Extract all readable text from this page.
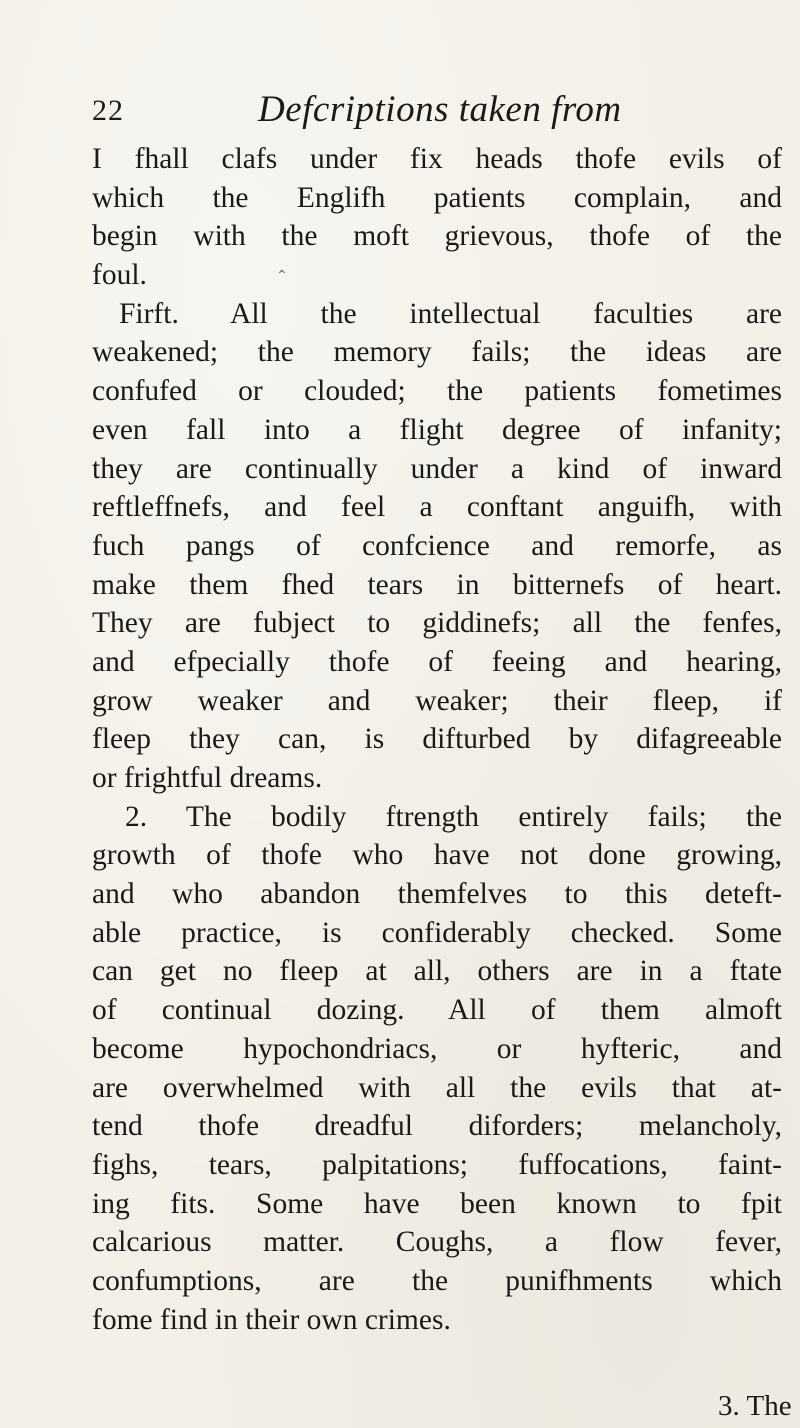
22	Defcriptions taken from
I fhall clafs under fix heads thofe evils of
which the Englifh patients complain, and
begin with the moft grievous, thofe of the
foul.
Firft. All the intellectual faculties are
weakened; the memory fails; the ideas are
confufed or clouded; the patients fometimes
even fall into a flight degree of infanity;
they are continually under a kind of inward
reftleffnefs, and feel a conftant anguifh, with
fuch pangs of confcience and remorfe, as
make them fhed tears in bitternefs of heart.
They are fubject to giddinefs; all the fenfes,
and efpecially thofe of feeing and hearing,
grow weaker and weaker; their fleep, if
fleep they can, is difturbed by difagreeable
or frightful dreams.
2. The bodily ftrength entirely fails; the
growth of thofe who have not done growing,
and who abandon themfelves to this deteft-
able practice, is confiderably checked. Some
can get no fleep at all, others are in a ftate
of continual dozing. All of them almoft
become hypochondriacs, or hyfteric, and
are overwhelmed with all the evils that at-
tend thofe dreadful diforders; melancholy,
fighs, tears, palpitations; fuffocations, faint-
ing fits. Some have been known to fpit
calcarious matter. Coughs, a flow fever,
confumptions, are the punifhments which
fome find in their own crimes.
3. The
⌃
